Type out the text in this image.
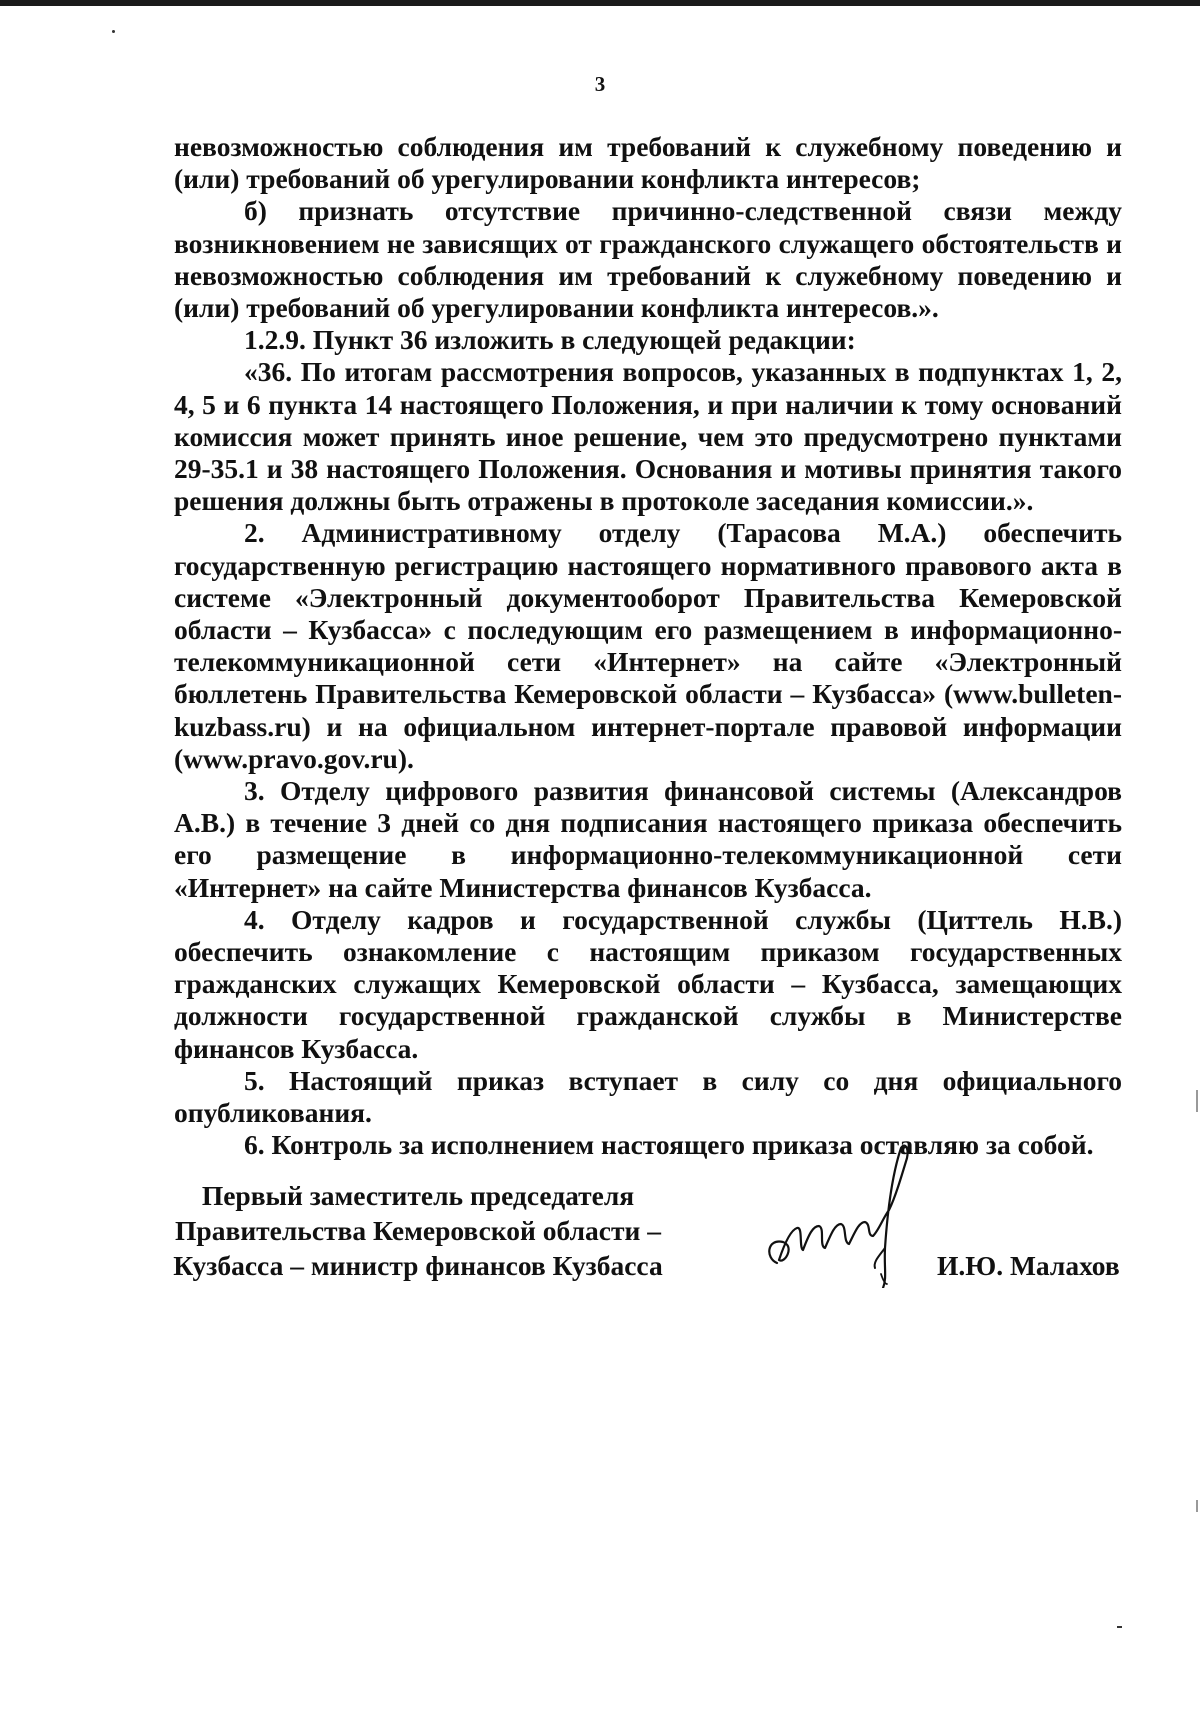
3

невозможностью соблюдения им требований к служебному поведению и (или) требований об урегулировании конфликта интересов;

б) признать отсутствие причинно-следственной связи между возникновением не зависящих от гражданского служащего обстоятельств и невозможностью соблюдения им требований к служебному поведению и (или) требований об урегулировании конфликта интересов.».

1.2.9. Пункт 36 изложить в следующей редакции:

«36. По итогам рассмотрения вопросов, указанных в подпунктах 1, 2, 4, 5 и 6 пункта 14 настоящего Положения, и при наличии к тому оснований комиссия может принять иное решение, чем это предусмотрено пунктами 29-35.1 и 38 настоящего Положения. Основания и мотивы принятия такого решения должны быть отражены в протоколе заседания комиссии.».

2. Административному отделу (Тарасова М.А.) обеспечить государственную регистрацию настоящего нормативного правового акта в системе «Электронный документооборот Правительства Кемеровской области – Кузбасса» с последующим его размещением в информационно-телекоммуникационной сети «Интернет» на сайте «Электронный бюллетень Правительства Кемеровской области – Кузбасса» (www.bulleten-kuzbass.ru) и на официальном интернет-портале правовой информации (www.pravo.gov.ru).

3. Отделу цифрового развития финансовой системы (Александров А.В.) в течение 3 дней со дня подписания настоящего приказа обеспечить его размещение в информационно-телекоммуникационной сети «Интернет» на сайте Министерства финансов Кузбасса.

4. Отделу кадров и государственной службы (Циттель Н.В.) обеспечить ознакомление с настоящим приказом государственных гражданских служащих Кемеровской области – Кузбасса, замещающих должности государственной гражданской службы в Министерстве финансов Кузбасса.

5. Настоящий приказ вступает в силу со дня официального опубликования.

6. Контроль за исполнением настоящего приказа оставляю за собой.

Первый заместитель председателя
Правительства Кемеровской области –
Кузбасса – министр финансов Кузбасса	И.Ю. Малахов
